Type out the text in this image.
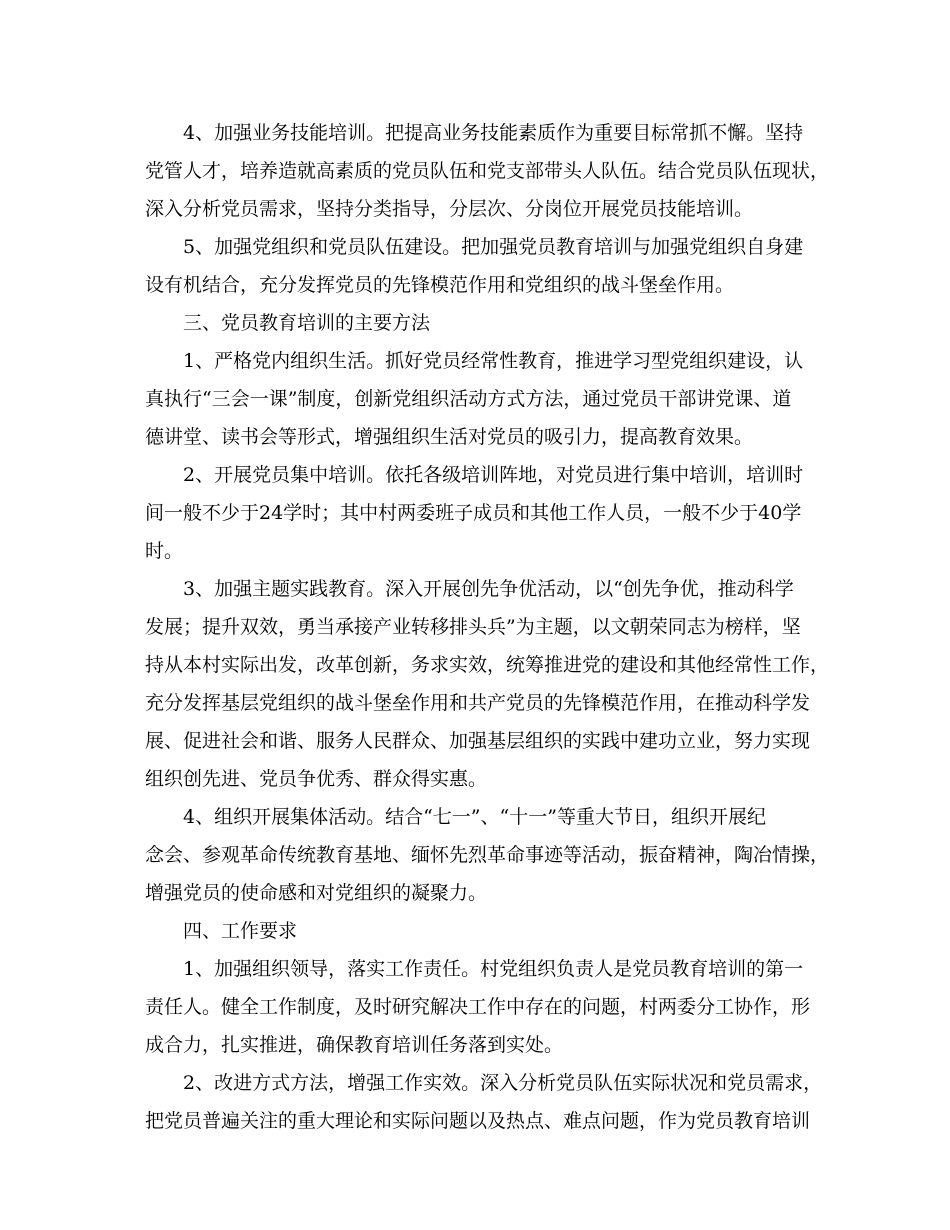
4、加强业务技能培训。把提高业务技能素质作为重要目标常抓不懈。坚持
党管人才，培养造就高素质的党员队伍和党支部带头人队伍。结合党员队伍现状，
深入分析党员需求，坚持分类指导，分层次、分岗位开展党员技能培训。
5、加强党组织和党员队伍建设。把加强党员教育培训与加强党组织自身建
设有机结合，充分发挥党员的先锋模范作用和党组织的战斗堡垒作用。
三、党员教育培训的主要方法
1、严格党内组织生活。抓好党员经常性教育，推进学习型党组织建设，认
真执行“三会一课”制度，创新党组织活动方式方法，通过党员干部讲党课、道
德讲堂、读书会等形式，增强组织生活对党员的吸引力，提高教育效果。
2、开展党员集中培训。依托各级培训阵地，对党员进行集中培训，培训时
间一般不少于24学时；其中村两委班子成员和其他工作人员，一般不少于40学
时。
3、加强主题实践教育。深入开展创先争优活动，以“创先争优，推动科学
发展；提升双效，勇当承接产业转移排头兵”为主题，以文朝荣同志为榜样，坚
持从本村实际出发，改革创新，务求实效，统筹推进党的建设和其他经常性工作，
充分发挥基层党组织的战斗堡垒作用和共产党员的先锋模范作用，在推动科学发
展、促进社会和谐、服务人民群众、加强基层组织的实践中建功立业，努力实现
组织创先进、党员争优秀、群众得实惠。
4、组织开展集体活动。结合“七一”、“十一”等重大节日，组织开展纪
念会、参观革命传统教育基地、缅怀先烈革命事迹等活动，振奋精神，陶冶情操，
增强党员的使命感和对党组织的凝聚力。
四、工作要求
1、加强组织领导，落实工作责任。村党组织负责人是党员教育培训的第一
责任人。健全工作制度，及时研究解决工作中存在的问题，村两委分工协作，形
成合力，扎实推进，确保教育培训任务落到实处。
2、改进方式方法，增强工作实效。深入分析党员队伍实际状况和党员需求，
把党员普遍关注的重大理论和实际问题以及热点、难点问题，作为党员教育培训
